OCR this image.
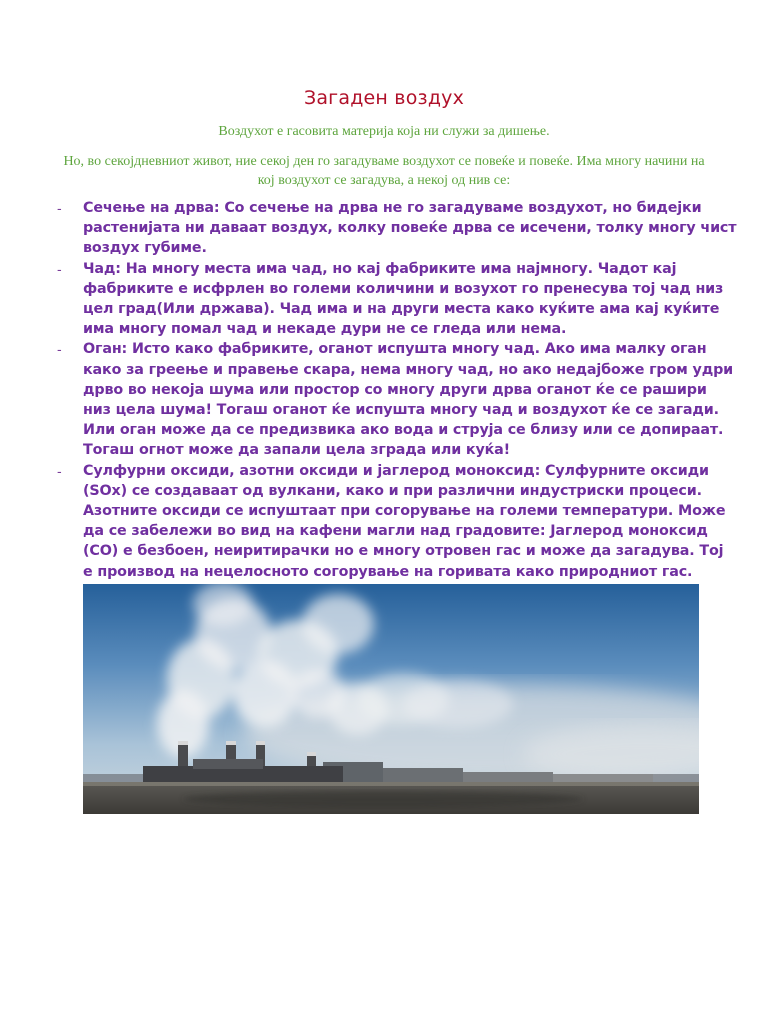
Загаден воздух
Воздухот е гасовита материја која ни служи за дишење.
Но, во секојдневниот живот, ние секој ден го загадуваме воздухот се повеќе и повеќе. Има многу начини на кој воздухот се загадува, а некој од нив се:
- Сечење на дрва: Со сечење на дрва не го загадуваме воздухот, но бидејки растенијата ни даваат воздух, колку повеќе дрва се исечени, толку многу чист воздух губиме.
- Чад: На многу места има чад, но кај фабриките има најмногу. Чадот кај фабриките е исфрлен во големи количини и возухот го пренесува тој чад низ цел град(Или држава). Чад има и на други места како куќите ама кај куќите има многу помал чад и некаде дури не се гледа или нема.
- Оган: Исто како фабриките, оганот испушта многу чад. Ако има малку оган како за греење и правење скара, нема многу чад, но ако недајбоже гром удри дрво во некоја шума или простор со многу други дрва оганот ќе се рашири низ цела шума! Тогаш оганот ќе испушта многу чад и воздухот ќе се загади. Или оган може да се предизвика ако вода и струја се близу или се допираат. Тогаш огнот може да запали цела зграда или куќа!
- Сулфурни оксиди, азотни оксиди и јаглерод моноксид: Сулфурните оксиди (SOx) се создаваат од вулкани, како и при различни индустриски процеси. Азотните оксиди се испуштаат при согорување на големи температури. Може да се забележи во вид на кафени магли над градовите: Јаглерод моноксид (CO) е безбоен, неиритирачки но е многу отровен гас и може да загадува. Тој е производ на нецелосното согорување на горивата како природниот гас.
